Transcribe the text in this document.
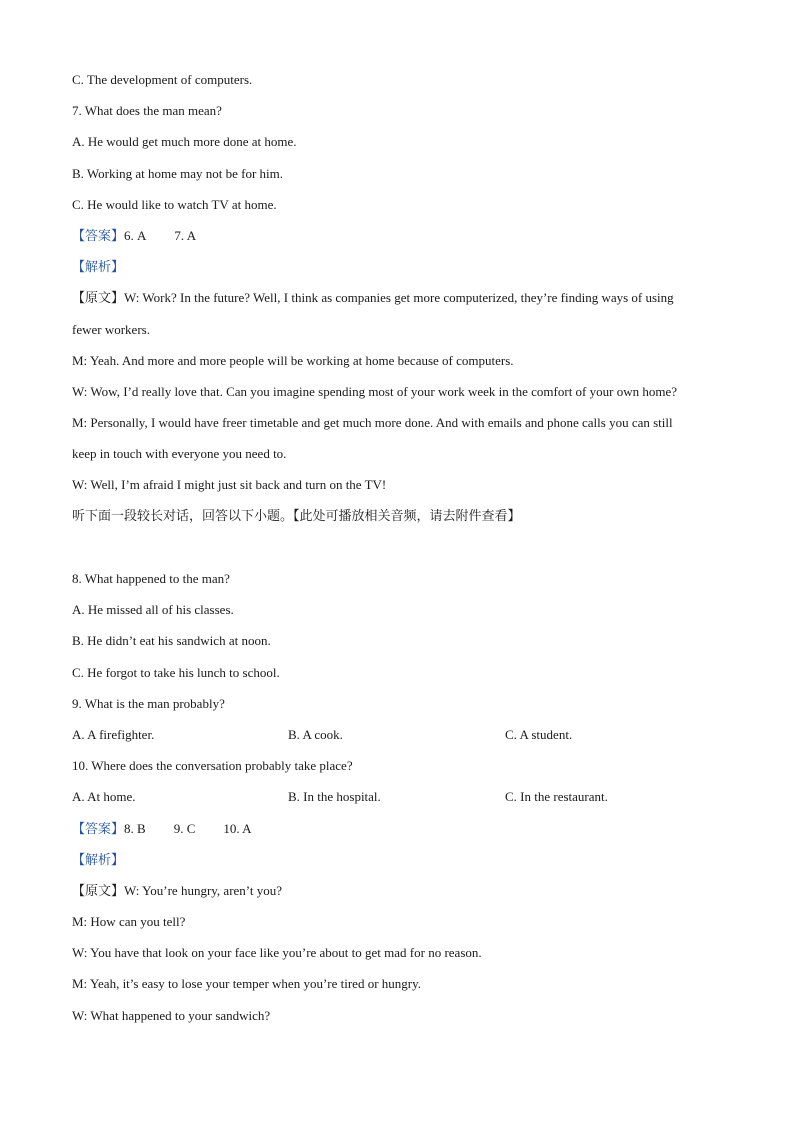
C. The development of computers.
7. What does the man mean?
A. He would get much more done at home.
B. Working at home may not be for him.
C. He would like to watch TV at home.
【答案】6. A 7. A
【解析】
【原文】W: Work? In the future? Well, I think as companies get more computerized, they’re finding ways of using
fewer workers.
M: Yeah. And more and more people will be working at home because of computers.
W: Wow, I’d really love that. Can you imagine spending most of your work week in the comfort of your own home?
M: Personally, I would have freer timetable and get much more done. And with emails and phone calls you can still
keep in touch with everyone you need to.
W: Well, I’m afraid I might just sit back and turn on the TV!
听下面一段较长对话，回答以下小题。【此处可播放相关音频，请去附件查看】
8. What happened to the man?
A. He missed all of his classes.
B. He didn’t eat his sandwich at noon.
C. He forgot to take his lunch to school.
9. What is the man probably?
A. A firefighter.	B. A cook.	C. A student.
10. Where does the conversation probably take place?
A. At home.	B. In the hospital.	C. In the restaurant.
【答案】8. B 9. C 10. A
【解析】
【原文】W: You’re hungry, aren’t you?
M: How can you tell?
W: You have that look on your face like you’re about to get mad for no reason.
M: Yeah, it’s easy to lose your temper when you’re tired or hungry.
W: What happened to your sandwich?
